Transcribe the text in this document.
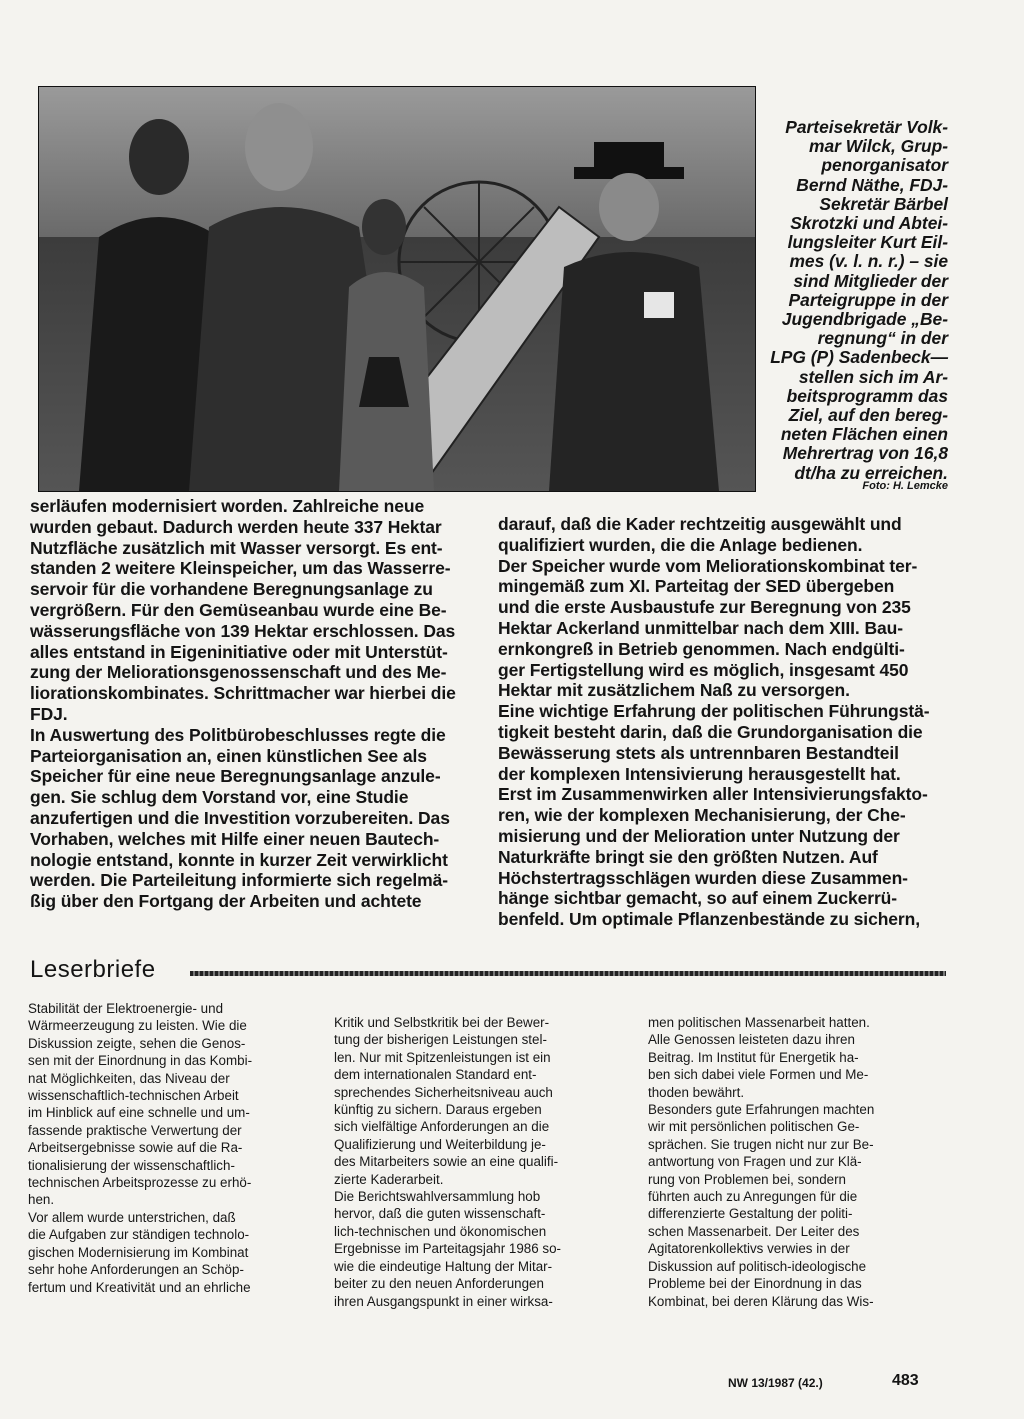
Parteisekretär Volk-
mar Wilck, Grup-
penorganisator
Bernd Näthe, FDJ-
Sekretär Bärbel
Skrotzki und Abtei-
lungsleiter Kurt Eil-
mes (v. l. n. r.) – sie
sind Mitglieder der
Parteigruppe in der
Jugendbrigade „Be-
regnung“ in der
LPG (P) Sadenbeck—
stellen sich im Ar-
beitsprogramm das
Ziel, auf den bereg-
neten Flächen einen
Mehrertrag von 16,8
dt/ha zu erreichen.
Foto: H. Lemcke
serläufen modernisiert worden. Zahlreiche neue
wurden gebaut. Dadurch werden heute 337 Hektar
Nutzfläche zusätzlich mit Wasser versorgt. Es ent-
standen 2 weitere Kleinspeicher, um das Wasserre-
servoir für die vorhandene Beregnungsanlage zu
vergrößern. Für den Gemüseanbau wurde eine Be-
wässerungsfläche von 139 Hektar erschlossen. Das
alles entstand in Eigeninitiative oder mit Unterstüt-
zung der Meliorationsgenossenschaft und des Me-
liorationskombinates. Schrittmacher war hierbei die
FDJ.
In Auswertung des Politbürobeschlusses regte die
Parteiorganisation an, einen künstlichen See als
Speicher für eine neue Beregnungsanlage anzule-
gen. Sie schlug dem Vorstand vor, eine Studie
anzufertigen und die Investition vorzubereiten. Das
Vorhaben, welches mit Hilfe einer neuen Bautech-
nologie entstand, konnte in kurzer Zeit verwirklicht
werden. Die Parteileitung informierte sich regelmä-
ßig über den Fortgang der Arbeiten und achtete
darauf, daß die Kader rechtzeitig ausgewählt und
qualifiziert wurden, die die Anlage bedienen.
Der Speicher wurde vom Meliorationskombinat ter-
mingemäß zum XI. Parteitag der SED übergeben
und die erste Ausbaustufe zur Beregnung von 235
Hektar Ackerland unmittelbar nach dem XIII. Bau-
ernkongreß in Betrieb genommen. Nach endgülti-
ger Fertigstellung wird es möglich, insgesamt 450
Hektar mit zusätzlichem Naß zu versorgen.
Eine wichtige Erfahrung der politischen Führungstä-
tigkeit besteht darin, daß die Grundorganisation die
Bewässerung stets als untrennbaren Bestandteil
der komplexen Intensivierung herausgestellt hat.
Erst im Zusammenwirken aller Intensivierungsfakto-
ren, wie der komplexen Mechanisierung, der Che-
misierung und der Melioration unter Nutzung der
Naturkräfte bringt sie den größten Nutzen. Auf
Höchstertragsschlägen wurden diese Zusammen-
hänge sichtbar gemacht, so auf einem Zuckerrü-
benfeld. Um optimale Pflanzenbestände zu sichern,
Leserbriefe
Stabilität der Elektroenergie- und
Wärmeerzeugung zu leisten. Wie die
Diskussion zeigte, sehen die Genos-
sen mit der Einordnung in das Kombi-
nat Möglichkeiten, das Niveau der
wissenschaftlich-technischen Arbeit
im Hinblick auf eine schnelle und um-
fassende praktische Verwertung der
Arbeitsergebnisse sowie auf die Ra-
tionalisierung der wissenschaftlich-
technischen Arbeitsprozesse zu erhö-
hen.
Vor allem wurde unterstrichen, daß
die Aufgaben zur ständigen technolo-
gischen Modernisierung im Kombinat
sehr hohe Anforderungen an Schöp-
fertum und Kreativität und an ehrliche
Kritik und Selbstkritik bei der Bewer-
tung der bisherigen Leistungen stel-
len. Nur mit Spitzenleistungen ist ein
dem internationalen Standard ent-
sprechendes Sicherheitsniveau auch
künftig zu sichern. Daraus ergeben
sich vielfältige Anforderungen an die
Qualifizierung und Weiterbildung je-
des Mitarbeiters sowie an eine qualifi-
zierte Kaderarbeit.
Die Berichtswahlversammlung hob
hervor, daß die guten wissenschaft-
lich-technischen und ökonomischen
Ergebnisse im Parteitagsjahr 1986 so-
wie die eindeutige Haltung der Mitar-
beiter zu den neuen Anforderungen
ihren Ausgangspunkt in einer wirksa-
men politischen Massenarbeit hatten.
Alle Genossen leisteten dazu ihren
Beitrag. Im Institut für Energetik ha-
ben sich dabei viele Formen und Me-
thoden bewährt.
Besonders gute Erfahrungen machten
wir mit persönlichen politischen Ge-
sprächen. Sie trugen nicht nur zur Be-
antwortung von Fragen und zur Klä-
rung von Problemen bei, sondern
führten auch zu Anregungen für die
differenzierte Gestaltung der politi-
schen Massenarbeit. Der Leiter des
Agitatorenkollektivs verwies in der
Diskussion auf politisch-ideologische
Probleme bei der Einordnung in das
Kombinat, bei deren Klärung das Wis-
NW 13/1987 (42.)	483
